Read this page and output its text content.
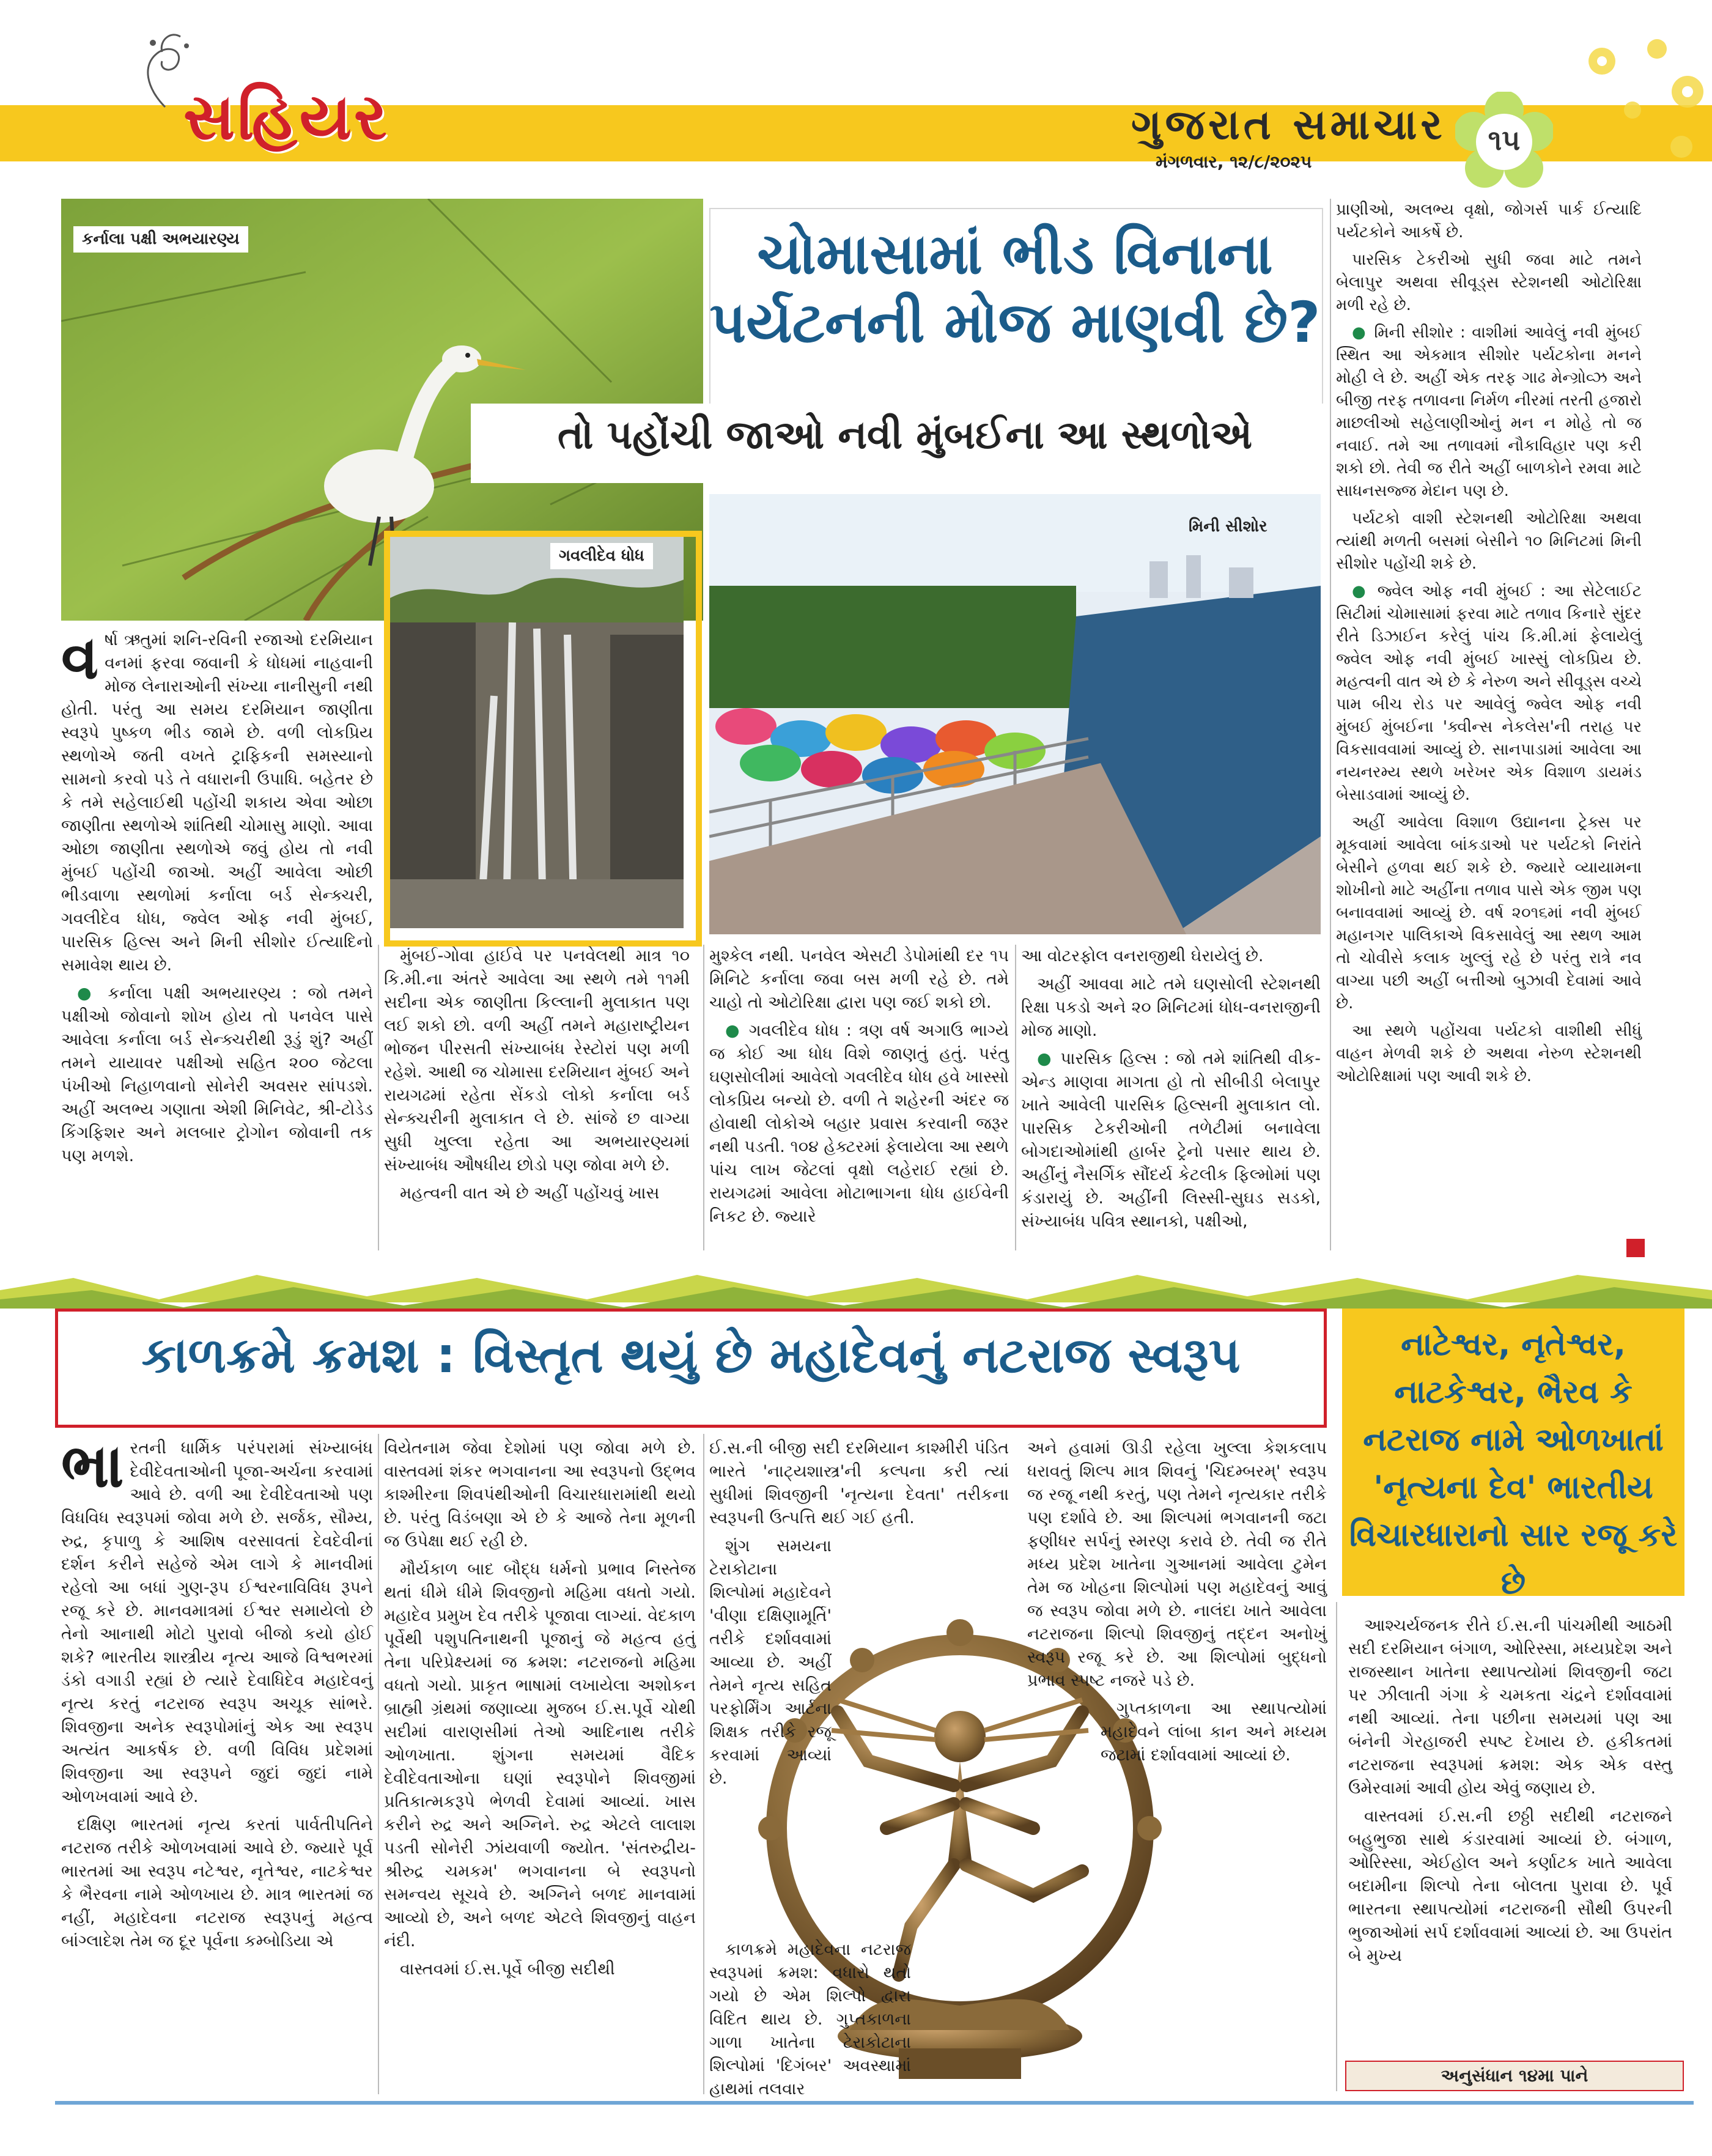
સહિયર	ગુજરાત સમાચાર
મંગળવાર, ૧૨/૮/૨૦૨૫
૧૫
કર્નાલા પક્ષી અભયારણ્ય
ગવલીદેવ ધોધ
મિની સીશોર
ચોમાસામાં ભીડ વિનાના પર્યટનની મોજ માણવી છે?
તો પહોંચી જાઓ નવી મુંબઈના આ સ્થળોએ

વર્ષા ઋતુમાં શનિ-રવિની રજાઓ દરમિયાન વનમાં ફરવા જવાની કે ધોધમાં નાહવાની મોજ લેનારાઓની સંખ્યા નાનીસુની નથી હોતી. પરંતુ આ સમય દરમિયાન જાણીતા સ્વરૂપે પુષ્કળ ભીડ જામે છે. વળી લોકપ્રિય સ્થળોએ જતી વખતે ટ્રાફિકની સમસ્યાનો સામનો કરવો પડે તે વધારાની ઉપાધિ. બહેતર છે કે તમે સહેલાઈથી પહોંચી શકાય એવા ઓછા જાણીતા સ્થળોએ શાંતિથી ચોમાસુ માણો. આવા ઓછા જાણીતા સ્થળોએ જવું હોય તો નવી મુંબઈ પહોંચી જાઓ. અહીં આવેલા ઓછી ભીડવાળા સ્થળોમાં કર્નાલા બર્ડ સેન્ક્ચરી, ગવલીદેવ ધોધ, જ્વેલ ઓફ નવી મુંબઈ, પારસિક હિલ્સ અને મિની સીશોર ઈત્યાદિનો સમાવેશ થાય છે.

● કર્નાલા પક્ષી અભયારણ્ય : જો તમને પક્ષીઓ જોવાનો શોખ હોય તો પનવેલ પાસે આવેલા કર્નાલા બર્ડ સેન્ક્ચરીથી રૂડું શું? અહીં તમને યાયાવર પક્ષીઓ સહિત ૨૦૦ જેટલા પંખીઓ નિહાળવાનો સોનેરી અવસર સાંપડશે. અહીં અલભ્ય ગણાતા એશી મિનિવેટ, શ્રી-ટોડેડ કિંગફિશર અને મલબાર ટ્રોગોન જોવાની તક પણ મળશે.

મુંબઈ-ગોવા હાઈવે પર પનવેલથી માત્ર ૧૦ કિ.મી.ના અંતરે આવેલા આ સ્થળે તમે ૧૧મી સદીના એક જાણીતા કિલ્લાની મુલાકાત પણ લઈ શકો છો. વળી અહીં તમને મહારાષ્ટ્રીયન ભોજન પીરસતી સંખ્યાબંધ રેસ્ટોરાં પણ મળી રહેશે. આથી જ ચોમાસા દરમિયાન મુંબઈ અને રાયગઢમાં રહેતા સેંકડો લોકો કર્નાલા બર્ડ સેન્ક્ચરીની મુલાકાત લે છે. સાંજે છ વાગ્યા સુધી ખુલ્લા રહેતા આ અભયારણ્યમાં સંખ્યાબંધ ઔષધીય છોડો પણ જોવા મળે છે.

મહત્વની વાત એ છે અહીં પહોંચવું ખાસ

મુશ્કેલ નથી. પનવેલ એસટી ડેપોમાંથી દર ૧૫ મિનિટે કર્નાલા જવા બસ મળી રહે છે. તમે ચાહો તો ઓટોરિક્ષા દ્વારા પણ જઈ શકો છો.

● ગવલીદેવ ધોધ : ત્રણ વર્ષ અગાઉ ભાગ્યે જ કોઈ આ ધોધ વિશે જાણતું હતું. પરંતુ ઘણસોલીમાં આવેલો ગવલીદેવ ધોધ હવે ખાસ્સો લોકપ્રિય બન્યો છે. વળી તે શહેરની અંદર જ હોવાથી લોકોએ બહાર પ્રવાસ કરવાની જરૂર નથી પડતી. ૧૦૪ હેક્ટરમાં ફેલાયેલા આ સ્થળે પાંચ લાખ જેટલાં વૃક્ષો લહેરાઈ રહ્યાં છે. રાયગઢમાં આવેલા મોટાભાગના ધોધ હાઈવેની નિકટ છે. જ્યારે

આ વોટરફોલ વનરાજીથી ઘેરાયેલું છે.

અહીં આવવા માટે તમે ઘણસોલી સ્ટેશનથી રિક્ષા પકડો અને ૨૦ મિનિટમાં ધોધ-વનરાજીની મોજ માણો.

● પારસિક હિલ્સ : જો તમે શાંતિથી વીક-એન્ડ માણવા માગતા હો તો સીબીડી બેલાપુર ખાતે આવેલી પારસિક હિલ્સની મુલાકાત લો. પારસિક ટેકરીઓની તળેટીમાં બનાવેલા બોગદાઓમાંથી હાર્બર ટ્રેનો પસાર થાય છે. અહીંનું નૈસર્ગિક સૌંદર્ય કેટલીક ફિલ્મોમાં પણ કંડારાયું છે. અહીંની લિસ્સી-સુઘડ સડકો, સંખ્યાબંધ પવિત્ર સ્થાનકો, પક્ષીઓ,

પ્રાણીઓ, અલભ્ય વૃક્ષો, જોગર્સ પાર્ક ઈત્યાદિ પર્યટકોને આકર્ષે છે.

પારસિક ટેકરીઓ સુધી જવા માટે તમને બેલાપુર અથવા સીવૂડ્સ સ્ટેશનથી ઓટોરિક્ષા મળી રહે છે.

● મિની સીશોર : વાશીમાં આવેલું નવી મુંબઈ સ્થિત આ એકમાત્ર સીશોર પર્યટકોના મનને મોહી લે છે. અહીં એક તરફ ગાઢ મેન્ગ્રોવ્ઝ અને બીજી તરફ તળાવના નિર્મળ નીરમાં તરતી હજારો માછલીઓ સહેલાણીઓનું મન ન મોહે તો જ નવાઈ. તમે આ તળાવમાં નૌકાવિહાર પણ કરી શકો છો. તેવી જ રીતે અહીં બાળકોને રમવા માટે સાધનસજ્જ મેદાન પણ છે.

પર્યટકો વાશી સ્ટેશનથી ઓટોરિક્ષા અથવા ત્યાંથી મળતી બસમાં બેસીને ૧૦ મિનિટમાં મિની સીશોર પહોંચી શકે છે.

● જ્વેલ ઓફ નવી મુંબઈ : આ સેટેલાઈટ સિટીમાં ચોમાસામાં ફરવા માટે તળાવ કિનારે સુંદર રીતે ડિઝાઈન કરેલું પાંચ કિ.મી.માં ફેલાયેલું જ્વેલ ઓફ નવી મુંબઈ ખાસ્સું લોકપ્રિય છે. મહત્વની વાત એ છે કે નેરુળ અને સીવૂડ્સ વચ્ચે પામ બીચ રોડ પર આવેલું જ્વેલ ઓફ નવી મુંબઈ મુંબઈના 'ક્વીન્સ નેકલેસ'ની તરાહ પર વિકસાવવામાં આવ્યું છે. સાનપાડામાં આવેલા આ નયનરમ્ય સ્થળે ખરેખર એક વિશાળ ડાયમંડ બેસાડવામાં આવ્યું છે.

અહીં આવેલા વિશાળ ઉદ્યાનના ટ્રેક્સ પર મૂકવામાં આવેલા બાંકડાઓ પર પર્યટકો નિરાંતે બેસીને હળવા થઈ શકે છે. જ્યારે વ્યાયામના શોખીનો માટે અહીંના તળાવ પાસે એક જીમ પણ બનાવવામાં આવ્યું છે. વર્ષ ૨૦૧૬માં નવી મુંબઈ મહાનગર પાલિકાએ વિકસાવેલું આ સ્થળ આમ તો ચોવીસે કલાક ખુલ્લું રહે છે પરંતુ રાત્રે નવ વાગ્યા પછી અહીં બત્તીઓ બુઝાવી દેવામાં આવે છે.

આ સ્થળે પહોંચવા પર્યટકો વાશીથી સીધું વાહન મેળવી શકે છે અથવા નેરુળ સ્ટેશનથી ઓટોરિક્ષામાં પણ આવી શકે છે.

કાળક્રમે ક્રમશ : વિસ્તૃત થયું છે મહાદેવનું નટરાજ સ્વરૂપ	નાટેશ્વર, નૃતેશ્વર, નાટકેશ્વર, ભૈરવ કે નટરાજ નામે ઓળખાતાં 'નૃત્યના દેવ' ભારતીય વિચારધારાનો સાર રજૂ કરે છે

ભારતની ધાર્મિક પરંપરામાં સંખ્યાબંધ દેવીદેવતાઓની પૂજા-અર્ચના કરવામાં આવે છે. વળી આ દેવીદેવતાઓ પણ વિધવિધ સ્વરૂપમાં જોવા મળે છે. સર્જક, સૌમ્ય, રુદ્ર, કૃપાળુ કે આશિષ વરસાવતાં દેવદેવીનાં દર્શન કરીને સહેજે એમ લાગે કે માનવીમાં રહેલો આ બધાં ગુણ-રૂપ ઈશ્વરનાવિવિધ રૂપને રજૂ કરે છે. માનવમાત્રમાં ઈશ્વર સમાયેલો છે તેનો આનાથી મોટો પુરાવો બીજો કયો હોઈ શકે? ભારતીય શાસ્ત્રીય નૃત્ય આજે વિશ્વભરમાં ડંકો વગાડી રહ્યાં છે ત્યારે દેવાધિદેવ મહાદેવનું નૃત્ય કરતું નટરાજ સ્વરૂપ અચૂક સાંભરે. શિવજીના અનેક સ્વરૂપોમાંનું એક આ સ્વરૂપ અત્યંત આકર્ષક છે. વળી વિવિધ પ્રદેશમાં શિવજીના આ સ્વરૂપને જુદાં જુદાં નામે ઓળખવામાં આવે છે.

દક્ષિણ ભારતમાં નૃત્ય કરતાં પાર્વતીપતિને નટરાજ તરીકે ઓળખવામાં આવે છે. જ્યારે પૂર્વ ભારતમાં આ સ્વરૂપ નટેશ્વર, નૃતેશ્વર, નાટકેશ્વર કે ભૈરવના નામે ઓળખાય છે. માત્ર ભારતમાં જ નહીં, મહાદેવના નટરાજ સ્વરૂપનું મહત્વ બાંગ્લાદેશ તેમ જ દૂર પૂર્વના કમ્બોડિયા એ

વિયેતનામ જેવા દેશોમાં પણ જોવા મળે છે. વાસ્તવમાં શંકર ભગવાનના આ સ્વરૂપનો ઉદ્ભવ કાશ્મીરના શિવપંથીઓની વિચારધારામાંથી થયો છે. પરંતુ વિડંબણા એ છે કે આજે તેના મૂળની જ ઉપેક્ષા થઈ રહી છે.

મૌર્યકાળ બાદ બૌદ્ધ ધર્મનો પ્રભાવ નિસ્તેજ થતાં ધીમે ધીમે શિવજીનો મહિમા વધતો ગયો. મહાદેવ પ્રમુખ દેવ તરીકે પૂજાવા લાગ્યાં. વેદકાળ પૂર્વેથી પશુપતિનાથની પૂજાનું જે મહત્વ હતું તેના પરિપ્રેક્ષ્યમાં જ ક્રમશ: નટરાજનો મહિમા વધતો ગયો. પ્રાકૃત ભાષામાં લખાયેલા અશોકન બ્રાહ્મી ગ્રંથમાં જણાવ્યા મુજબ ઈ.સ.પૂર્વે ચોથી સદીમાં વારાણસીમાં તેઓ આદિનાથ તરીકે ઓળખાતા. શુંગના સમયમાં વૈદિક દેવીદેવતાઓના ઘણાં સ્વરૂપોને શિવજીમાં પ્રતિકાત્મકરૂપે ભેળવી દેવામાં આવ્યાં. ખાસ કરીને રુદ્ર અને અગ્નિને. રુદ્ર એટલે લાલાશ પડતી સોનેરી ઝાંયવાળી જ્યોત. 'સંતરુદ્રીય-શ્રીરુદ્ર ચમકમ' ભગવાનના બે સ્વરૂપનો સમન્વય સૂચવે છે. અગ્નિને બળદ માનવામાં આવ્યો છે, અને બળદ એટલે શિવજીનું વાહન નંદી.

વાસ્તવમાં ઈ.સ.પૂર્વે બીજી સદીથી

ઈ.સ.ની બીજી સદી દરમિયાન કાશ્મીરી પંડિત ભારતે 'નાટ્યશાસ્ત્ર'ની કલ્પના કરી ત્યાં સુધીમાં શિવજીની 'નૃત્યના દેવતા' તરીકના સ્વરૂપની ઉત્પત્તિ થઈ ગઈ હતી.

શુંગ સમયના ટેરાકોટાના શિલ્પોમાં મહાદેવને 'વીણા દક્ષિણામૂર્તિ' તરીકે દર્શાવવામાં આવ્યા છે. અહીં તેમને નૃત્ય સહિત પરફોર્મિંગ આર્ટના શિક્ષક તરીકે રજૂ કરવામાં આવ્યાં છે.

કાળક્રમે મહાદેવના નટરાજ સ્વરૂપમાં ક્રમશ: વધારો થતો ગયો છે એમ શિલ્પો દ્વારા વિદિત થાય છે. ગુપ્તકાળના ગાળા ખાતેના ટેરાકોટાના શિલ્પોમાં 'દિગંબર' અવસ્થામાં હાથમાં તલવાર

અને હવામાં ઊડી રહેલા ખુલ્લા કેશકલાપ ધરાવતું શિલ્પ માત્ર શિવનું 'ચિદમ્બરમ્' સ્વરૂપ જ રજૂ નથી કરતું, પણ તેમને નૃત્યકાર તરીકે પણ દર્શાવે છે. આ શિલ્પમાં ભગવાનની જટા ફણીધર સર્પનું સ્મરણ કરાવે છે. તેવી જ રીતે મધ્ય પ્રદેશ ખાતેના ગુઆનમાં આવેલા ટુમેન તેમ જ ખોહના શિલ્પોમાં પણ મહાદેવનું આવું જ સ્વરૂપ જોવા મળે છે. નાલંદા ખાતે આવેલા નટરાજના શિલ્પો શિવજીનું તદ્દન અનોખું સ્વરૂપ રજૂ કરે છે. આ શિલ્પોમાં બુદ્ધનો પ્રભાવ સ્પષ્ટ નજરે પડે છે.

ગુપ્તકાળના આ સ્થાપત્યોમાં મહાદેવને લાંબા કાન અને મધ્યમ જટામાં દર્શાવવામાં આવ્યાં છે.

આશ્ચર્યજનક રીતે ઈ.સ.ની પાંચમીથી આઠમી સદી દરમિયાન બંગાળ, ઓરિસ્સા, મધ્યપ્રદેશ અને રાજસ્થાન ખાતેના સ્થાપત્યોમાં શિવજીની જટા પર ઝીલાતી ગંગા કે ચમકતા ચંદ્રને દર્શાવવામાં નથી આવ્યાં. તેના પછીના સમયમાં પણ આ બંનેની ગેરહાજરી સ્પષ્ટ દેખાય છે. હકીકતમાં નટરાજના સ્વરૂપમાં ક્રમશ: એક એક વસ્તુ ઉમેરવામાં આવી હોય એવું જણાય છે.

વાસ્તવમાં ઈ.સ.ની છઠ્ઠી સદીથી નટરાજને બહુભુજા સાથે કંડારવામાં આવ્યાં છે. બંગાળ, ઓરિસ્સા, એઈહોલ અને કર્ણાટક ખાતે આવેલા બદામીના શિલ્પો તેના બોલતા પુરાવા છે. પૂર્વ ભારતના સ્થાપત્યોમાં નટરાજની સૌથી ઉપરની ભુજાઓમાં સર્પ દર્શાવવામાં આવ્યાં છે. આ ઉપરાંત બે મુખ્ય

અનુસંધાન ૧૪મા પાને
